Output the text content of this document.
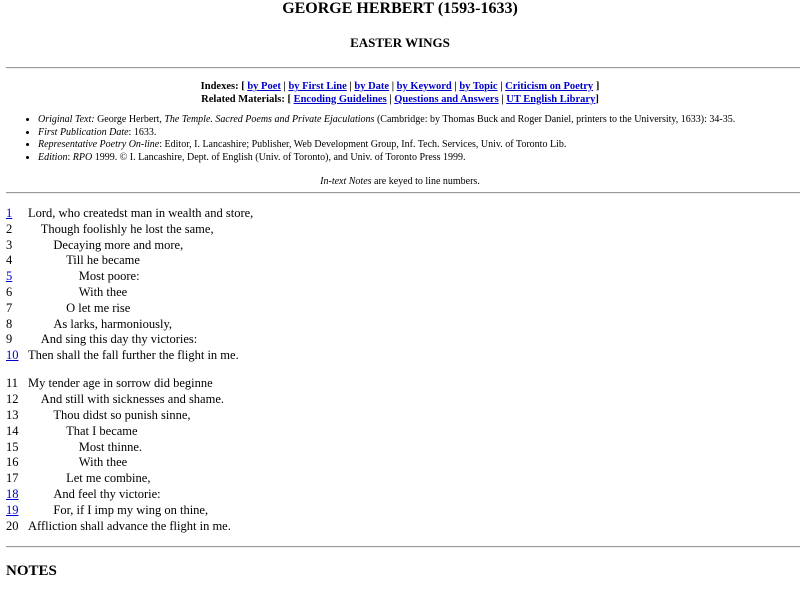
GEORGE HERBERT (1593-1633)
EASTER WINGS
Indexes: [ by Poet | by First Line | by Date | by Keyword | by Topic | Criticism on Poetry ]
Related Materials: [ Encoding Guidelines | Questions and Answers | UT English Library]
• Original Text: George Herbert, The Temple. Sacred Poems and Private Ejaculations (Cambridge: by Thomas Buck and Roger Daniel, printers to the University, 1633): 34-35.
• First Publication Date: 1633.
• Representative Poetry On-line: Editor, I. Lancashire; Publisher, Web Development Group, Inf. Tech. Services, Univ. of Toronto Lib.
• Edition: RPO 1999. © I. Lancashire, Dept. of English (Univ. of Toronto), and Univ. of Toronto Press 1999.
In-text Notes are keyed to line numbers.
1 Lord, who createdst man in wealth and store,
2 Though foolishly he lost the same,
3	Decaying more and more,
4	Till he became
5	Most poore:
6	With thee
7	O let me rise
8	As larks, harmoniously,
9 And sing this day thy victories:
10 Then shall the fall further the flight in me.
11 My tender age in sorrow did beginne
12 And still with sicknesses and shame.
13	Thou didst so punish sinne,
14	That I became
15	Most thinne.
16	With thee
17	Let me combine,
18	And feel thy victorie:
19	For, if I imp my wing on thine,
20 Affliction shall advance the flight in me.
NOTES
